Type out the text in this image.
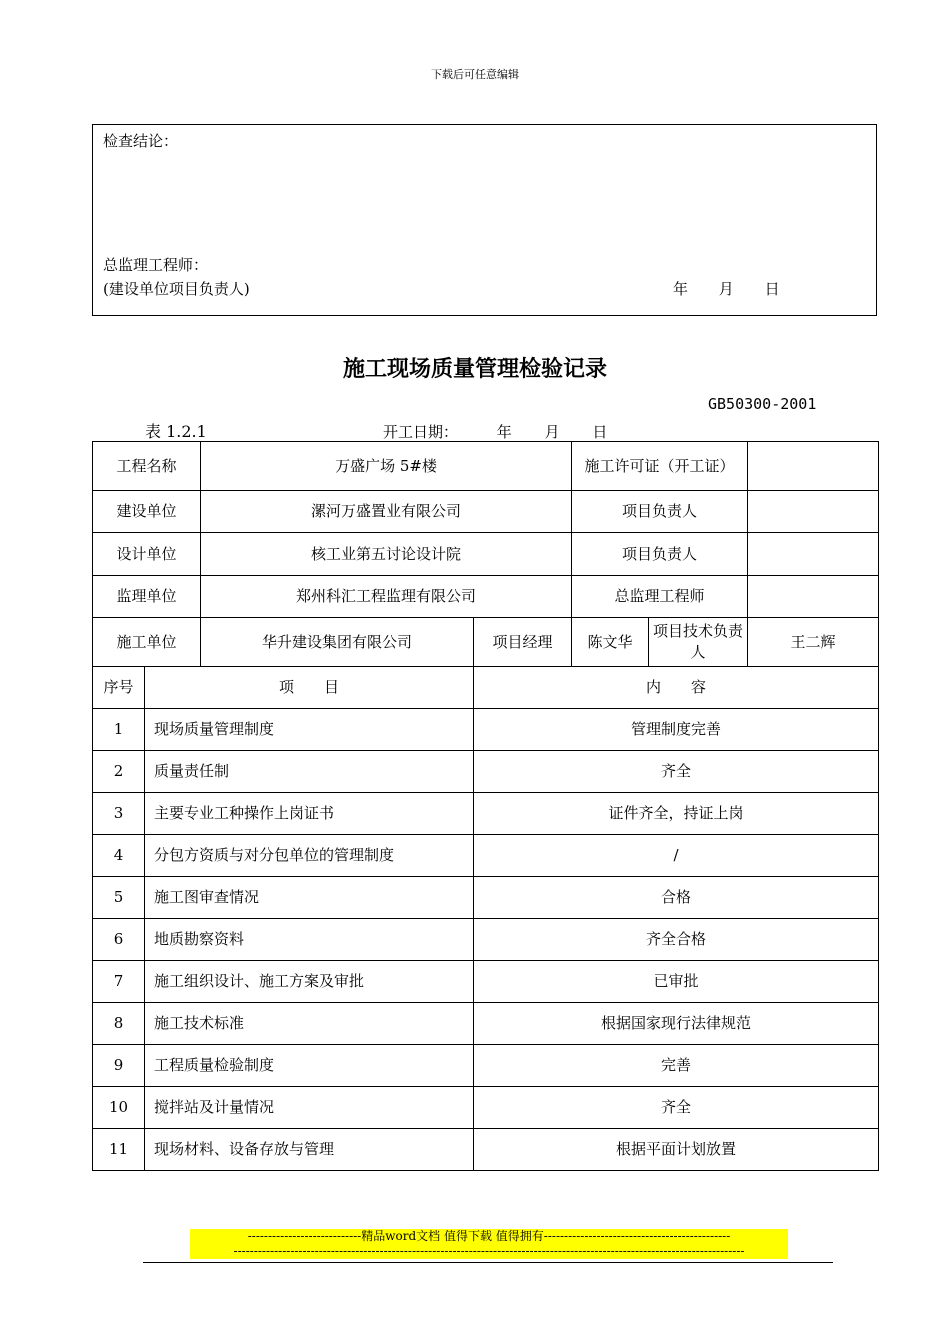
下载后可任意编辑
检查结论：
总监理工程师：
(建设单位项目负责人)	年 月 日
施工现场质量管理检验记录
GB50300-2001
表 1.2.1	开工日期：	年 月 日
工程名称		万盛广场 5#楼		施工许可证（开工证）		
建设单位		漯河万盛置业有限公司		项目负责人		
设计单位		核工业第五讨论设计院		项目负责人		
监理单位		郑州科汇工程监理有限公司		总监理工程师		
施工单位		华升建设集团有限公司	项目经理	陈文华	项目技术负责人	王二辉
序号	项　　目		内　　容			
1	现场质量管理制度		管理制度完善			
2	质量责任制		齐全			
3	主要专业工种操作上岗证书		证件齐全，持证上岗			
4	分包方资质与对分包单位的管理制度		/			
5	施工图审查情况		合格			
6	地质勘察资料		齐全合格			
7	施工组织设计、施工方案及审批		已审批			
8	施工技术标准		根据国家现行法律规范			
9	工程质量检验制度		完善			
10	搅拌站及计量情况		齐全			
11	现场材料、设备存放与管理		根据平面计划放置			
----------------------------精品word文档 值得下载 值得拥有----------------------------------------------
------------------------------------------------------------------------------------------------------------------------------
